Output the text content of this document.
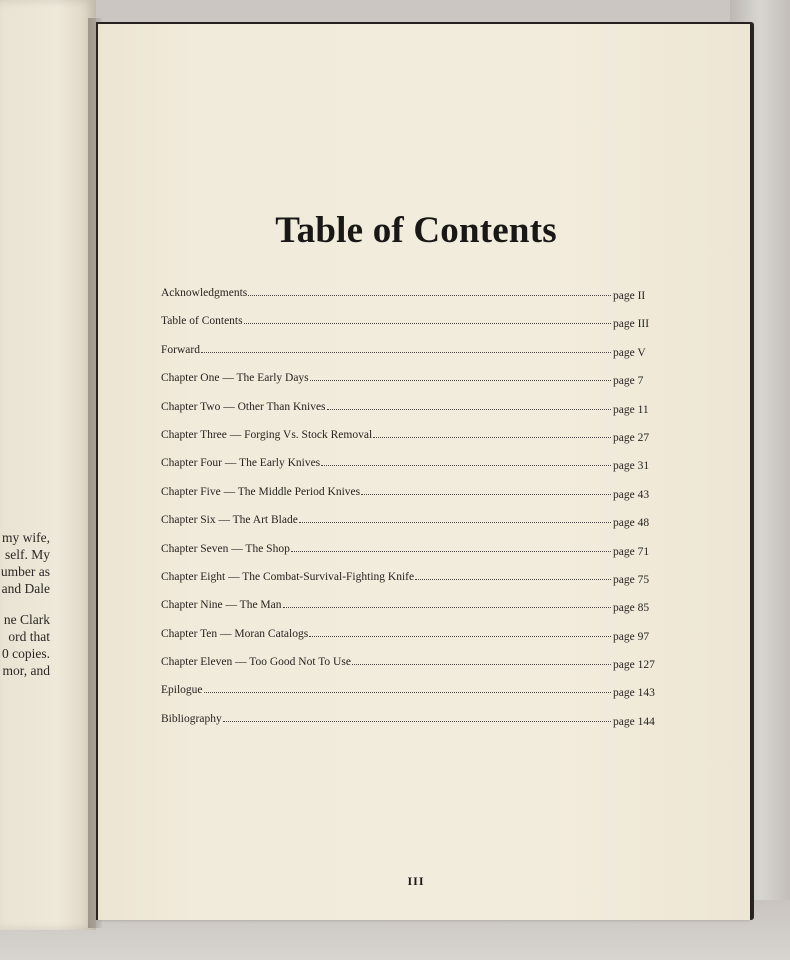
my wife,
self. My
umber as
and Dale
ne Clark
ord that
0 copies.
mor, and
Table of Contents
Acknowledgments	page II
Table of Contents	page III
Forward	page V
Chapter One — The Early Days	page 7
Chapter Two — Other Than Knives	page 11
Chapter Three — Forging Vs. Stock Removal	page 27
Chapter Four — The Early Knives	page 31
Chapter Five — The Middle Period Knives	page 43
Chapter Six — The Art Blade	page 48
Chapter Seven — The Shop	page 71
Chapter Eight — The Combat-Survival-Fighting Knife	page 75
Chapter Nine — The Man	page 85
Chapter Ten — Moran Catalogs	page 97
Chapter Eleven — Too Good Not To Use	page 127
Epilogue	page 143
Bibliography	page 144
III
